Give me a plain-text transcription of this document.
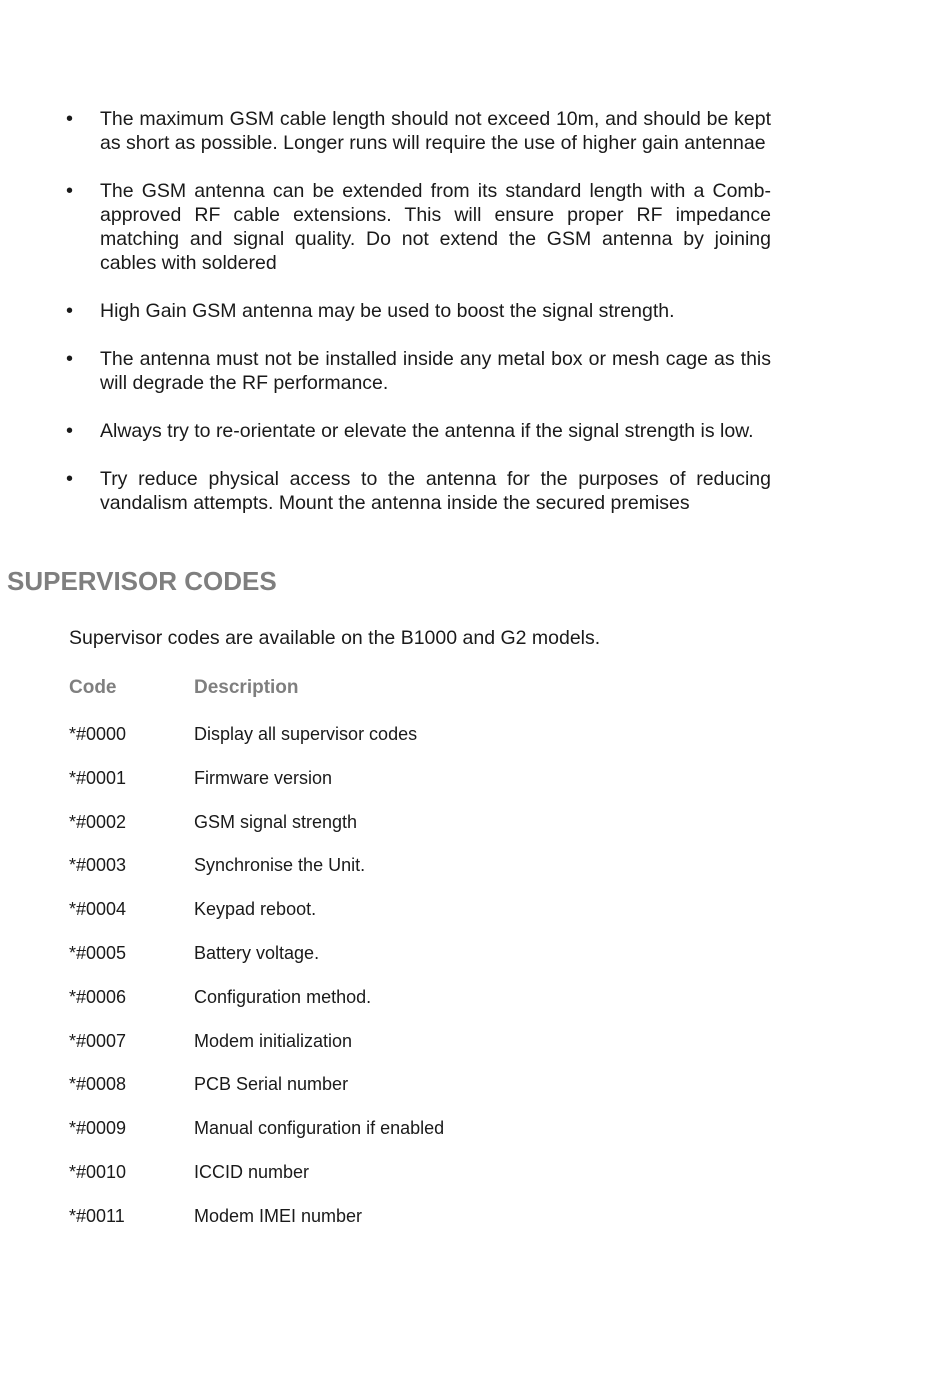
•	The maximum GSM cable length should not exceed 10m, and should be kept as short as possible. Longer runs will require the use of higher gain antennae
•	The GSM antenna can be extended from its standard length with a Comb-approved RF cable extensions. This will ensure proper RF impedance matching and signal quality. Do not extend the GSM antenna by joining cables with soldered
•	High Gain GSM antenna may be used to boost the signal strength.
•	The antenna must not be installed inside any metal box or mesh cage as this will degrade the RF performance.
•	Always try to re-orientate or elevate the antenna if the signal strength is low.
•	Try reduce physical access to the antenna for the purposes of reducing vandalism attempts. Mount the antenna inside the secured premises
SUPERVISOR CODES

Supervisor codes are available on the B1000 and G2 models.

Code	Description
*#0000	Display all supervisor codes
*#0001	Firmware version
*#0002	GSM signal strength
*#0003	Synchronise the Unit.
*#0004	Keypad reboot.
*#0005	Battery voltage.
*#0006	Configuration method.
*#0007	Modem initialization
*#0008	PCB Serial number
*#0009	Manual configuration if enabled
*#0010	ICCID number
*#0011	Modem IMEI number
